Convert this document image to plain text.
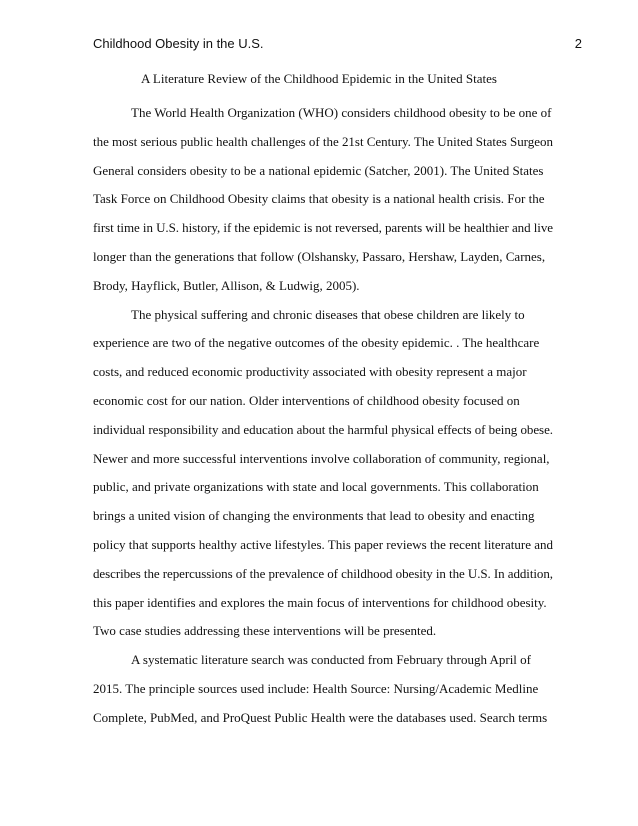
Childhood Obesity in the U.S.	2
A Literature Review of the Childhood Epidemic in the United States
The World Health Organization (WHO) considers childhood obesity to be one of
the most serious public health challenges of the 21st Century. The United States Surgeon
General considers obesity to be a national epidemic (Satcher, 2001). The United States
Task Force on Childhood Obesity claims that obesity is a national health crisis. For the
first time in U.S. history, if the epidemic is not reversed, parents will be healthier and live
longer than the generations that follow (Olshansky, Passaro, Hershaw, Layden, Carnes,
Brody, Hayflick, Butler, Allison, & Ludwig, 2005).
The physical suffering and chronic diseases that obese children are likely to
experience are two of the negative outcomes of the obesity epidemic. . The healthcare
costs, and reduced economic productivity associated with obesity represent a major
economic cost for our nation. Older interventions of childhood obesity focused on
individual responsibility and education about the harmful physical effects of being obese.
Newer and more successful interventions involve collaboration of community, regional,
public, and private organizations with state and local governments. This collaboration
brings a united vision of changing the environments that lead to obesity and enacting
policy that supports healthy active lifestyles. This paper reviews the recent literature and
describes the repercussions of the prevalence of childhood obesity in the U.S. In addition,
this paper identifies and explores the main focus of interventions for childhood obesity.
Two case studies addressing these interventions will be presented.
A systematic literature search was conducted from February through April of
2015. The principle sources used include: Health Source: Nursing/Academic Medline
Complete, PubMed, and ProQuest Public Health were the databases used. Search terms
